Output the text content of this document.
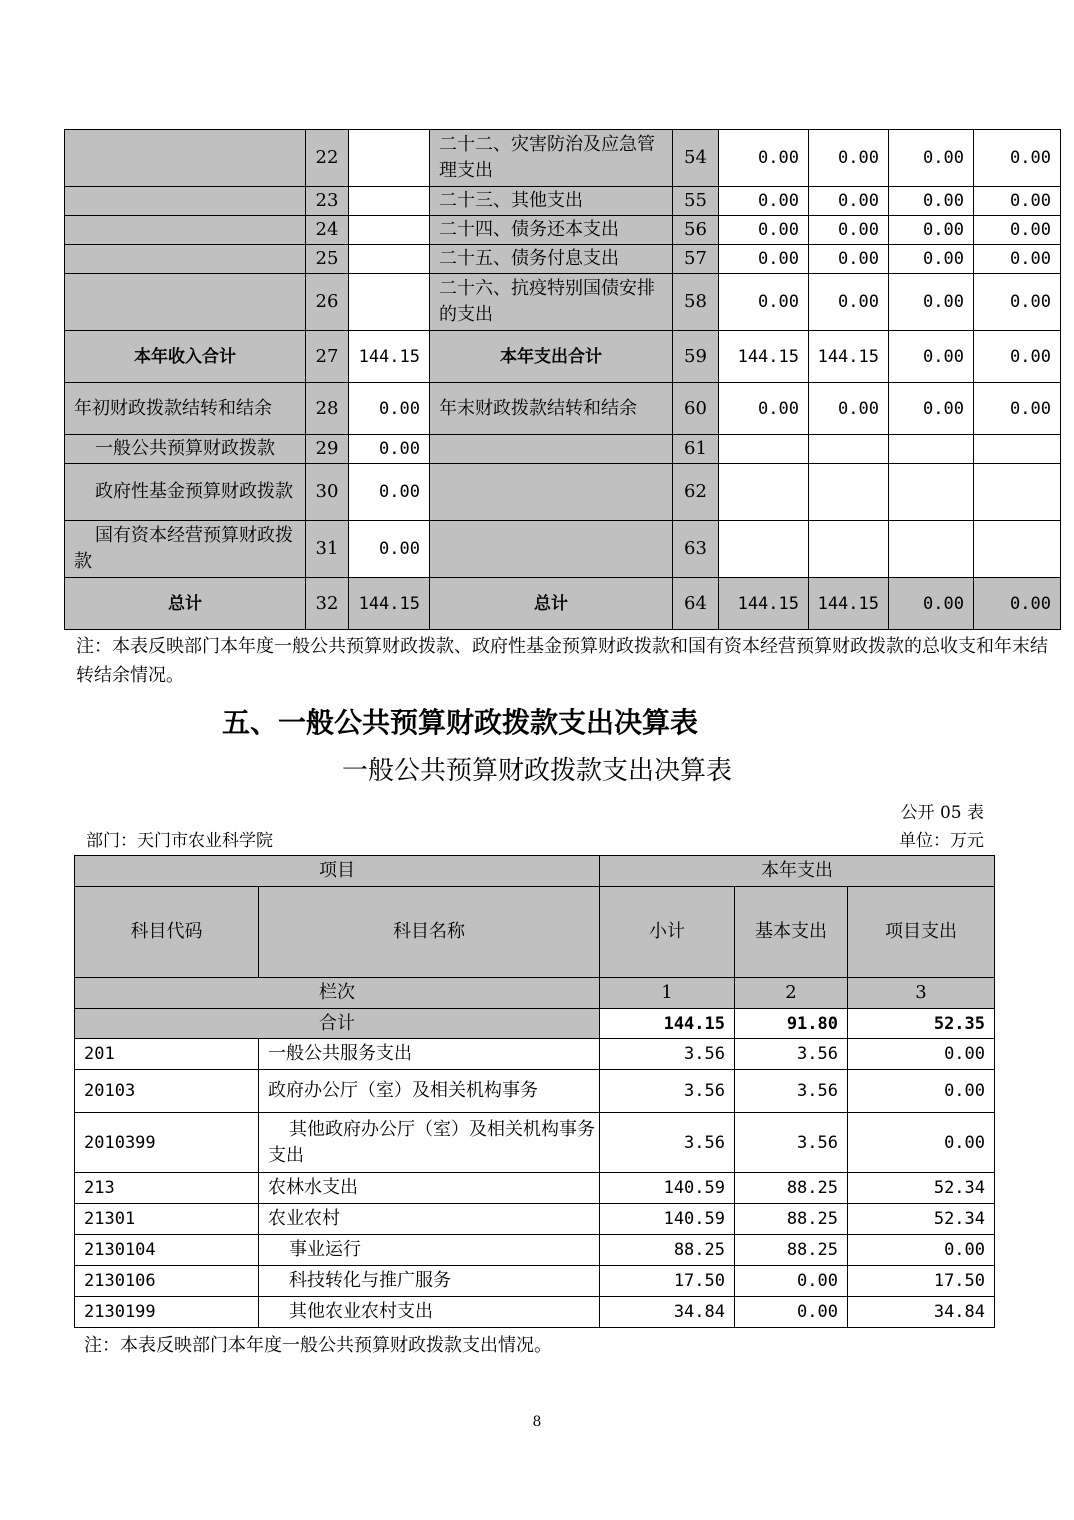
	22		二十二、灾害防治及应急管理支出	54	0.00	0.00	0.00	0.00
	23		二十三、其他支出	55	0.00	0.00	0.00	0.00
	24		二十四、债务还本支出	56	0.00	0.00	0.00	0.00
	25		二十五、债务付息支出	57	0.00	0.00	0.00	0.00
	26		二十六、抗疫特别国债安排的支出	58	0.00	0.00	0.00	0.00
本年收入合计	27	144.15	本年支出合计	59	144.15	144.15	0.00	0.00
年初财政拨款结转和结余	28	0.00	年末财政拨款结转和结余	60	0.00	0.00	0.00	0.00
一般公共预算财政拨款	29	0.00		61				
政府性基金预算财政拨款	30	0.00		62				
国有资本经营预算财政拨款	31	0.00		63				
总计	32	144.15	总计	64	144.15	144.15	0.00	0.00
注：本表反映部门本年度一般公共预算财政拨款、政府性基金预算财政拨款和国有资本经营预算财政拨款的总收支和年末结转结余情况。
五、一般公共预算财政拨款支出决算表
一般公共预算财政拨款支出决算表
公开 05 表
部门：天门市农业科学院	单位：万元
项目		本年支出		
科目代码	科目名称	小计	基本支出	项目支出
栏次		1	2	3
合计		144.15	91.80	52.35
201	一般公共服务支出	3.56	3.56	0.00
20103	政府办公厅（室）及相关机构事务	3.56	3.56	0.00
2010399	其他政府办公厅（室）及相关机构事务支出	3.56	3.56	0.00
213	农林水支出	140.59	88.25	52.34
21301	农业农村	140.59	88.25	52.34
2130104	事业运行	88.25	88.25	0.00
2130106	科技转化与推广服务	17.50	0.00	17.50
2130199	其他农业农村支出	34.84	0.00	34.84
注：本表反映部门本年度一般公共预算财政拨款支出情况。
8
